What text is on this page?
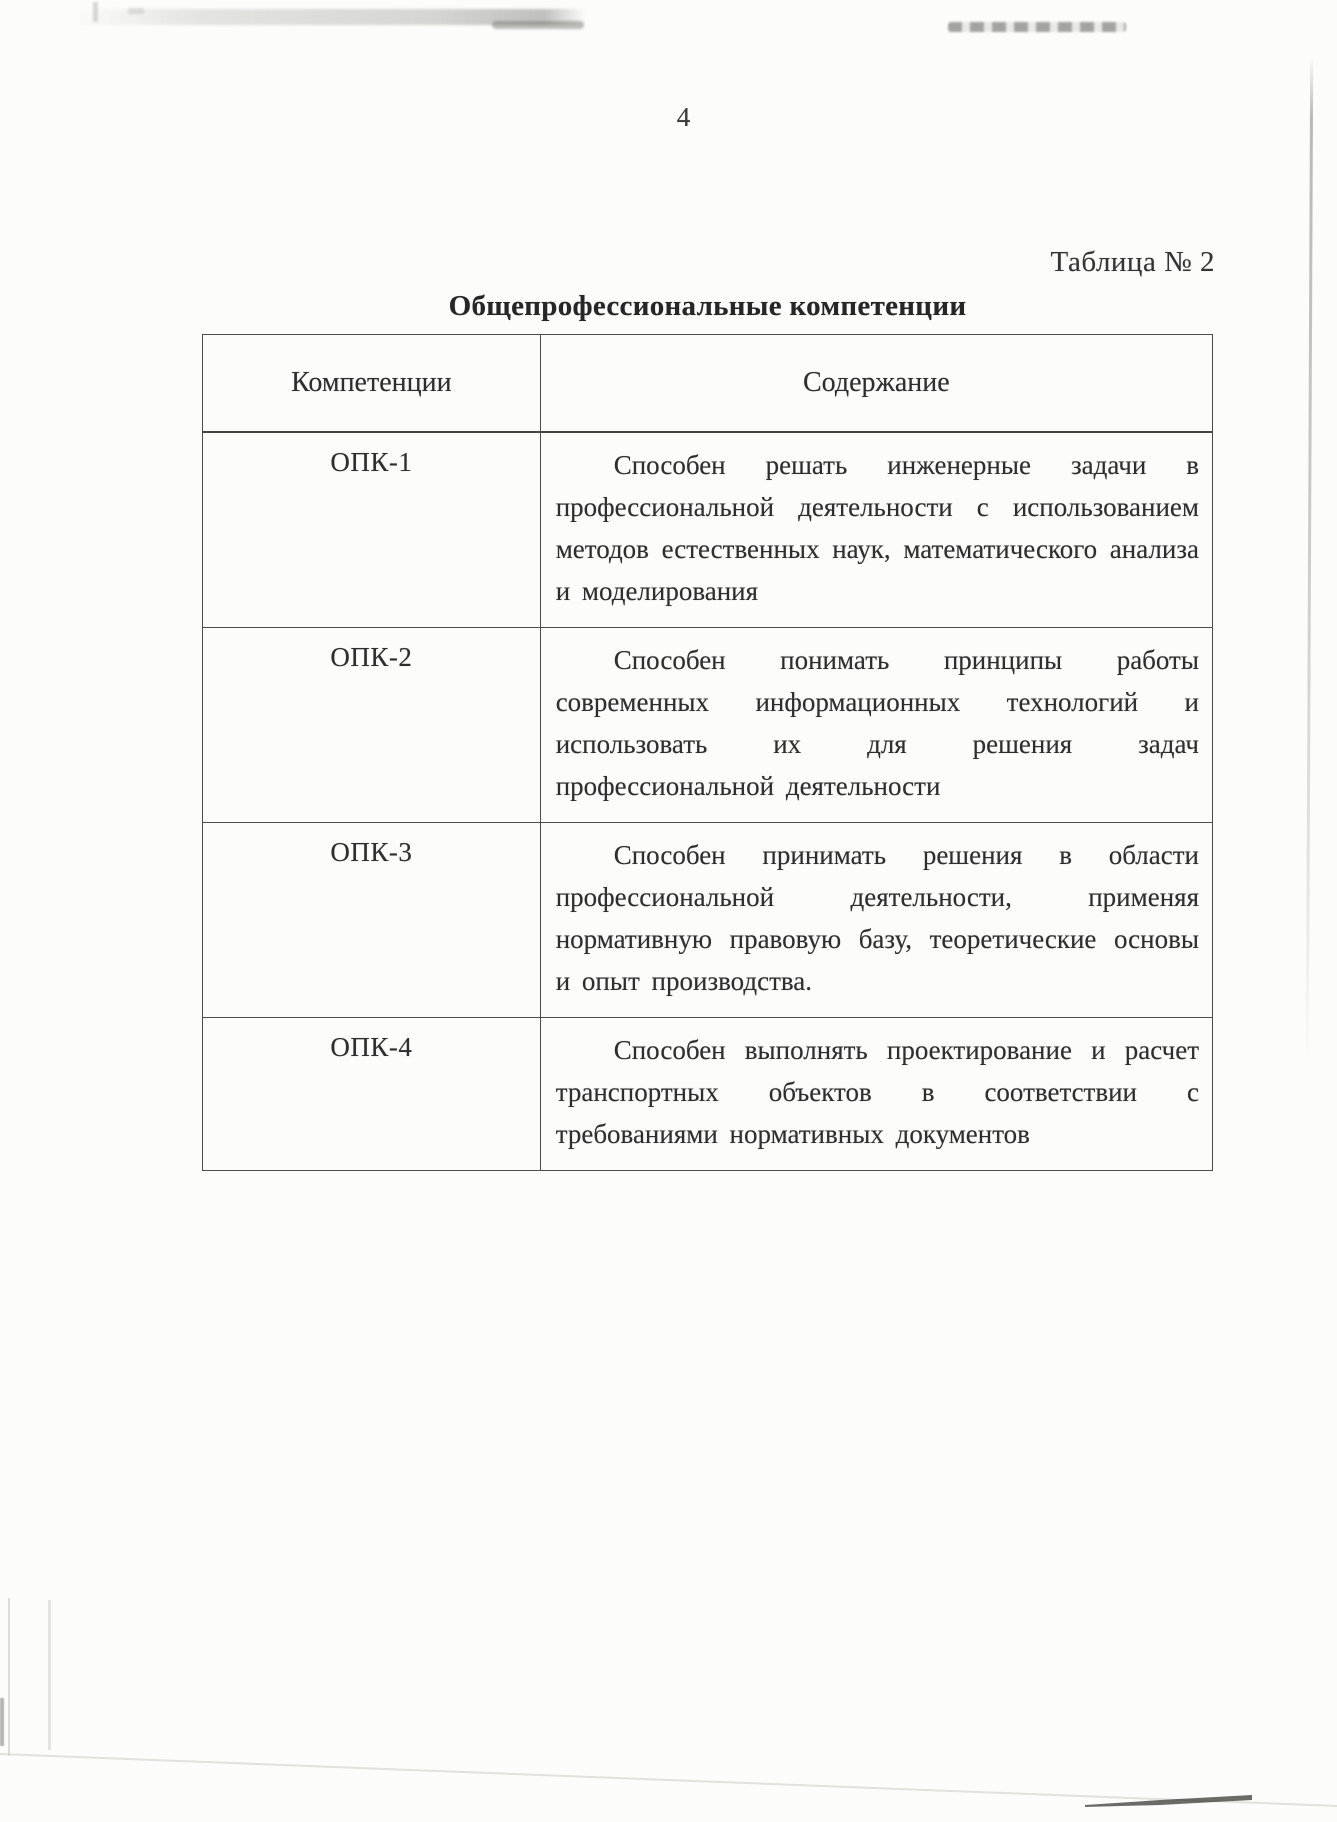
4
Таблица № 2
Общепрофессиональные компетенции
Компетенции	Содержание
ОПК-1	Способен решать инженерные задачи в профессиональной деятельности с использованием методов естественных наук, математического анализа и моделирования

ОПК-2	Способен понимать принципы работы современных информационных технологий и использовать их для решения задач профессиональной деятельности

ОПК-3	Способен принимать решения в области профессиональной деятельности, применяя нормативную правовую базу, теоретические основы и опыт производства.

ОПК-4	Способен выполнять проектирование и расчет транспортных объектов в соответствии с требованиями нормативных документов
